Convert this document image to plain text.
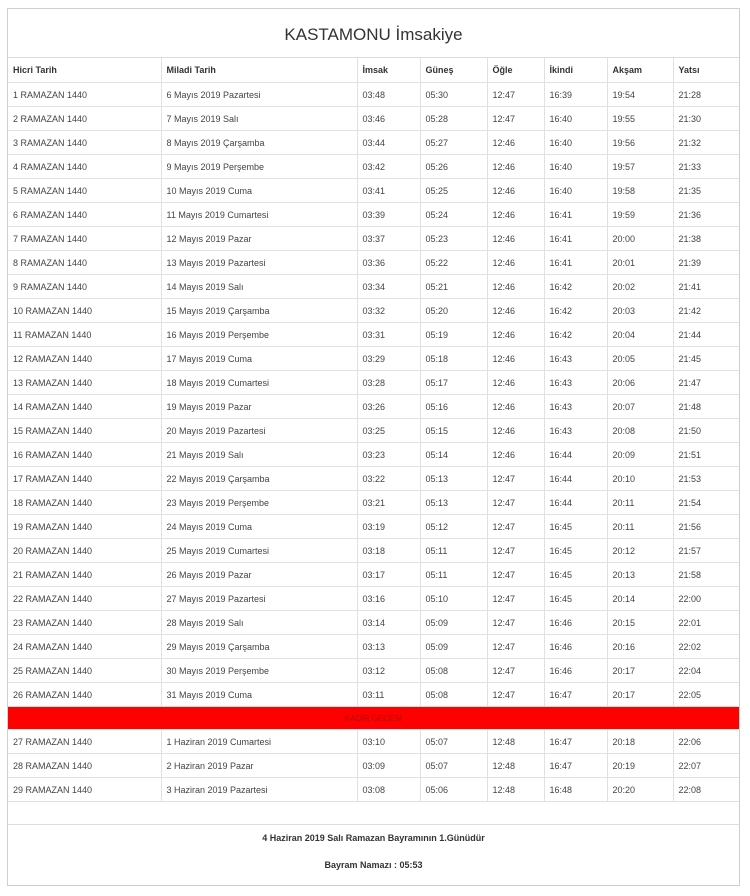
KASTAMONU İmsakiye
Hicri Tarih	Miladi Tarih	İmsak	Güneş	Öğle	İkindi	Akşam	Yatsı
1 RAMAZAN 1440	6 Mayıs 2019 Pazartesi	03:48	05:30	12:47	16:39	19:54	21:28
2 RAMAZAN 1440	7 Mayıs 2019 Salı	03:46	05:28	12:47	16:40	19:55	21:30
3 RAMAZAN 1440	8 Mayıs 2019 Çarşamba	03:44	05:27	12:46	16:40	19:56	21:32
4 RAMAZAN 1440	9 Mayıs 2019 Perşembe	03:42	05:26	12:46	16:40	19:57	21:33
5 RAMAZAN 1440	10 Mayıs 2019 Cuma	03:41	05:25	12:46	16:40	19:58	21:35
6 RAMAZAN 1440	11 Mayıs 2019 Cumartesi	03:39	05:24	12:46	16:41	19:59	21:36
7 RAMAZAN 1440	12 Mayıs 2019 Pazar	03:37	05:23	12:46	16:41	20:00	21:38
8 RAMAZAN 1440	13 Mayıs 2019 Pazartesi	03:36	05:22	12:46	16:41	20:01	21:39
9 RAMAZAN 1440	14 Mayıs 2019 Salı	03:34	05:21	12:46	16:42	20:02	21:41
10 RAMAZAN 1440	15 Mayıs 2019 Çarşamba	03:32	05:20	12:46	16:42	20:03	21:42
11 RAMAZAN 1440	16 Mayıs 2019 Perşembe	03:31	05:19	12:46	16:42	20:04	21:44
12 RAMAZAN 1440	17 Mayıs 2019 Cuma	03:29	05:18	12:46	16:43	20:05	21:45
13 RAMAZAN 1440	18 Mayıs 2019 Cumartesi	03:28	05:17	12:46	16:43	20:06	21:47
14 RAMAZAN 1440	19 Mayıs 2019 Pazar	03:26	05:16	12:46	16:43	20:07	21:48
15 RAMAZAN 1440	20 Mayıs 2019 Pazartesi	03:25	05:15	12:46	16:43	20:08	21:50
16 RAMAZAN 1440	21 Mayıs 2019 Salı	03:23	05:14	12:46	16:44	20:09	21:51
17 RAMAZAN 1440	22 Mayıs 2019 Çarşamba	03:22	05:13	12:47	16:44	20:10	21:53
18 RAMAZAN 1440	23 Mayıs 2019 Perşembe	03:21	05:13	12:47	16:44	20:11	21:54
19 RAMAZAN 1440	24 Mayıs 2019 Cuma	03:19	05:12	12:47	16:45	20:11	21:56
20 RAMAZAN 1440	25 Mayıs 2019 Cumartesi	03:18	05:11	12:47	16:45	20:12	21:57
21 RAMAZAN 1440	26 Mayıs 2019 Pazar	03:17	05:11	12:47	16:45	20:13	21:58
22 RAMAZAN 1440	27 Mayıs 2019 Pazartesi	03:16	05:10	12:47	16:45	20:14	22:00
23 RAMAZAN 1440	28 Mayıs 2019 Salı	03:14	05:09	12:47	16:46	20:15	22:01
24 RAMAZAN 1440	29 Mayıs 2019 Çarşamba	03:13	05:09	12:47	16:46	20:16	22:02
25 RAMAZAN 1440	30 Mayıs 2019 Perşembe	03:12	05:08	12:47	16:46	20:17	22:04
26 RAMAZAN 1440	31 Mayıs 2019 Cuma	03:11	05:08	12:47	16:47	20:17	22:05
KADİR GECESİ							
27 RAMAZAN 1440	1 Haziran 2019 Cumartesi	03:10	05:07	12:48	16:47	20:18	22:06
28 RAMAZAN 1440	2 Haziran 2019 Pazar	03:09	05:07	12:48	16:47	20:19	22:07
29 RAMAZAN 1440	3 Haziran 2019 Pazartesi	03:08	05:06	12:48	16:48	20:20	22:08
4 Haziran 2019 Salı Ramazan Bayramının 1.Günüdür
Bayram Namazı : 05:53
